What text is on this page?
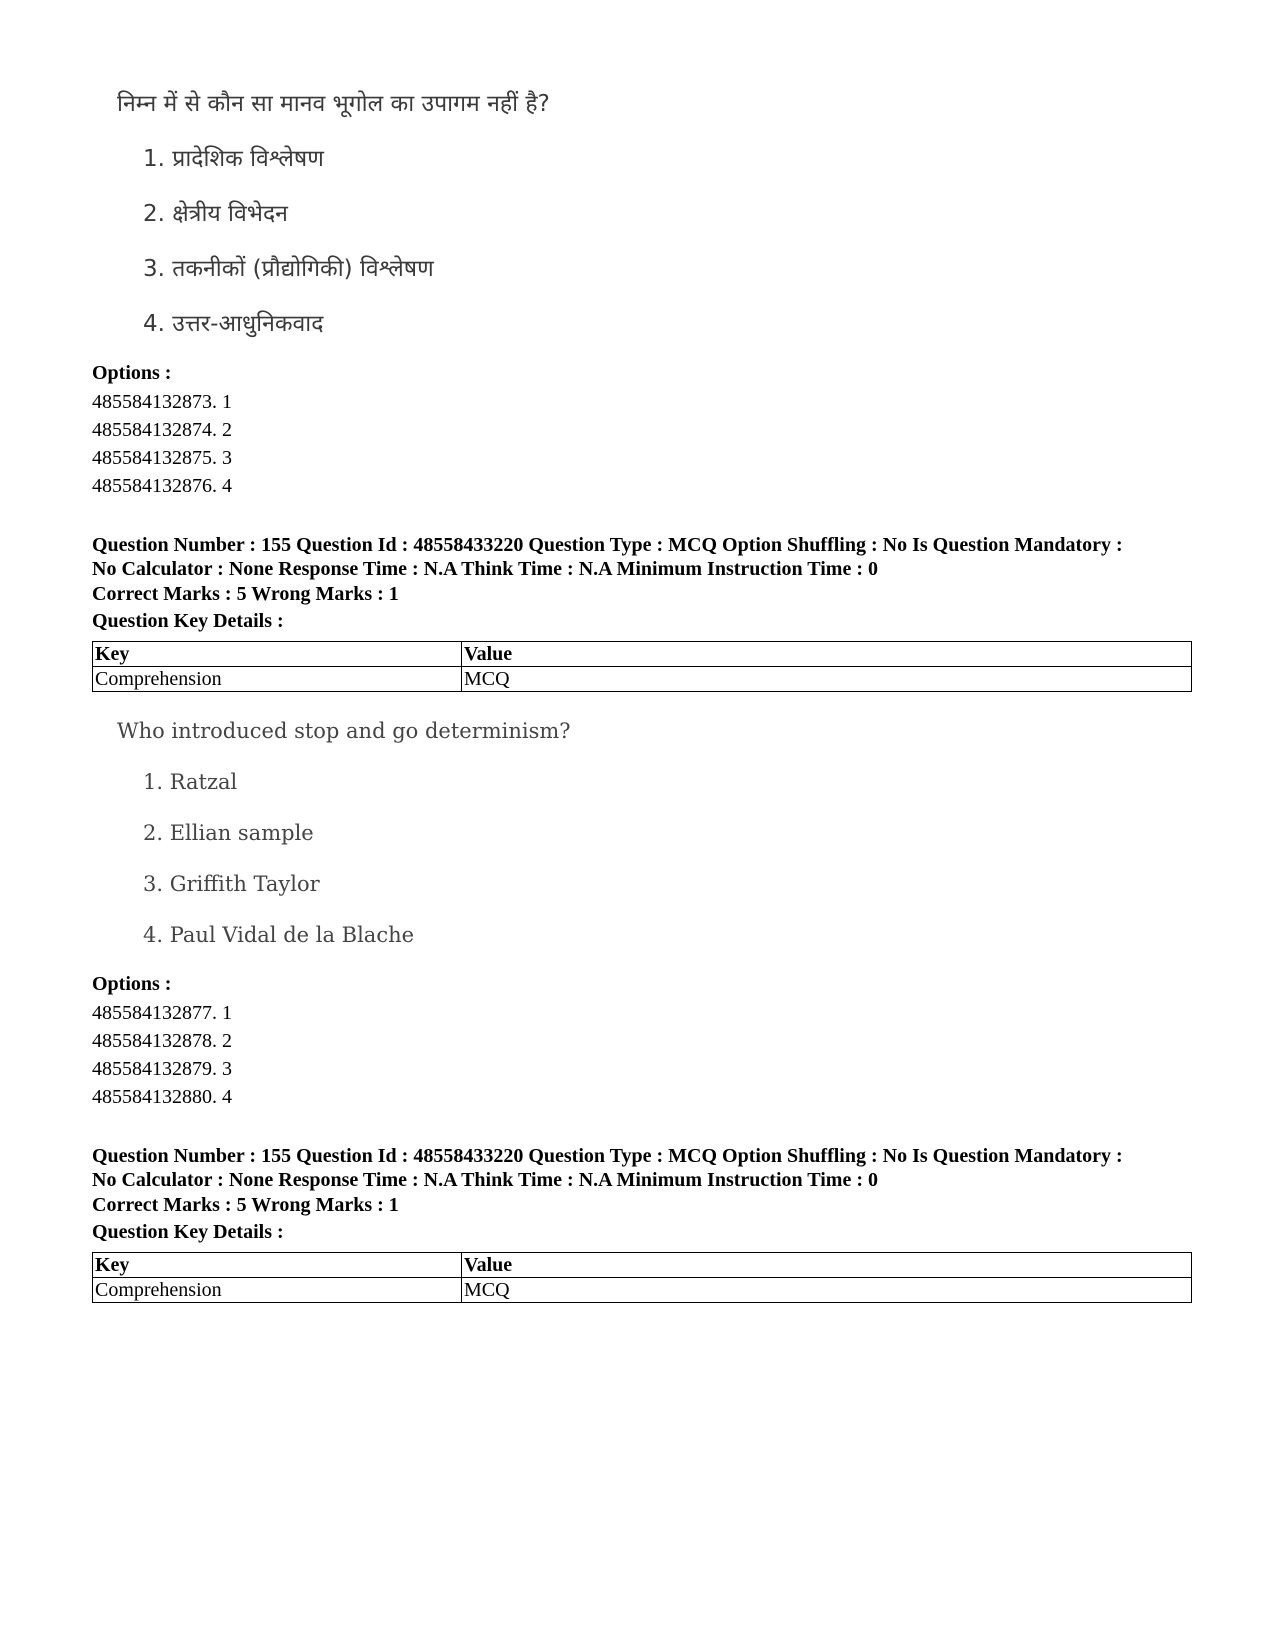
निम्न में से कौन सा मानव भूगोल का उपागम नहीं है?
1. प्रादेशिक विश्लेषण
2. क्षेत्रीय विभेदन
3. तकनीकों (प्रौद्योगिकी) विश्लेषण
4. उत्तर-आधुनिकवाद
Options :
485584132873. 1
485584132874. 2
485584132875. 3
485584132876. 4
Question Number : 155 Question Id : 48558433220 Question Type : MCQ Option Shuffling : No Is Question Mandatory :
No Calculator : None Response Time : N.A Think Time : N.A Minimum Instruction Time : 0
Correct Marks : 5 Wrong Marks : 1
Question Key Details :
Key	Value
Comprehension	MCQ
Who introduced stop and go determinism?
1. Ratzal
2. Ellian sample
3. Griffith Taylor
4. Paul Vidal de la Blache
Options :
485584132877. 1
485584132878. 2
485584132879. 3
485584132880. 4
Question Number : 155 Question Id : 48558433220 Question Type : MCQ Option Shuffling : No Is Question Mandatory :
No Calculator : None Response Time : N.A Think Time : N.A Minimum Instruction Time : 0
Correct Marks : 5 Wrong Marks : 1
Question Key Details :
Key	Value
Comprehension	MCQ
